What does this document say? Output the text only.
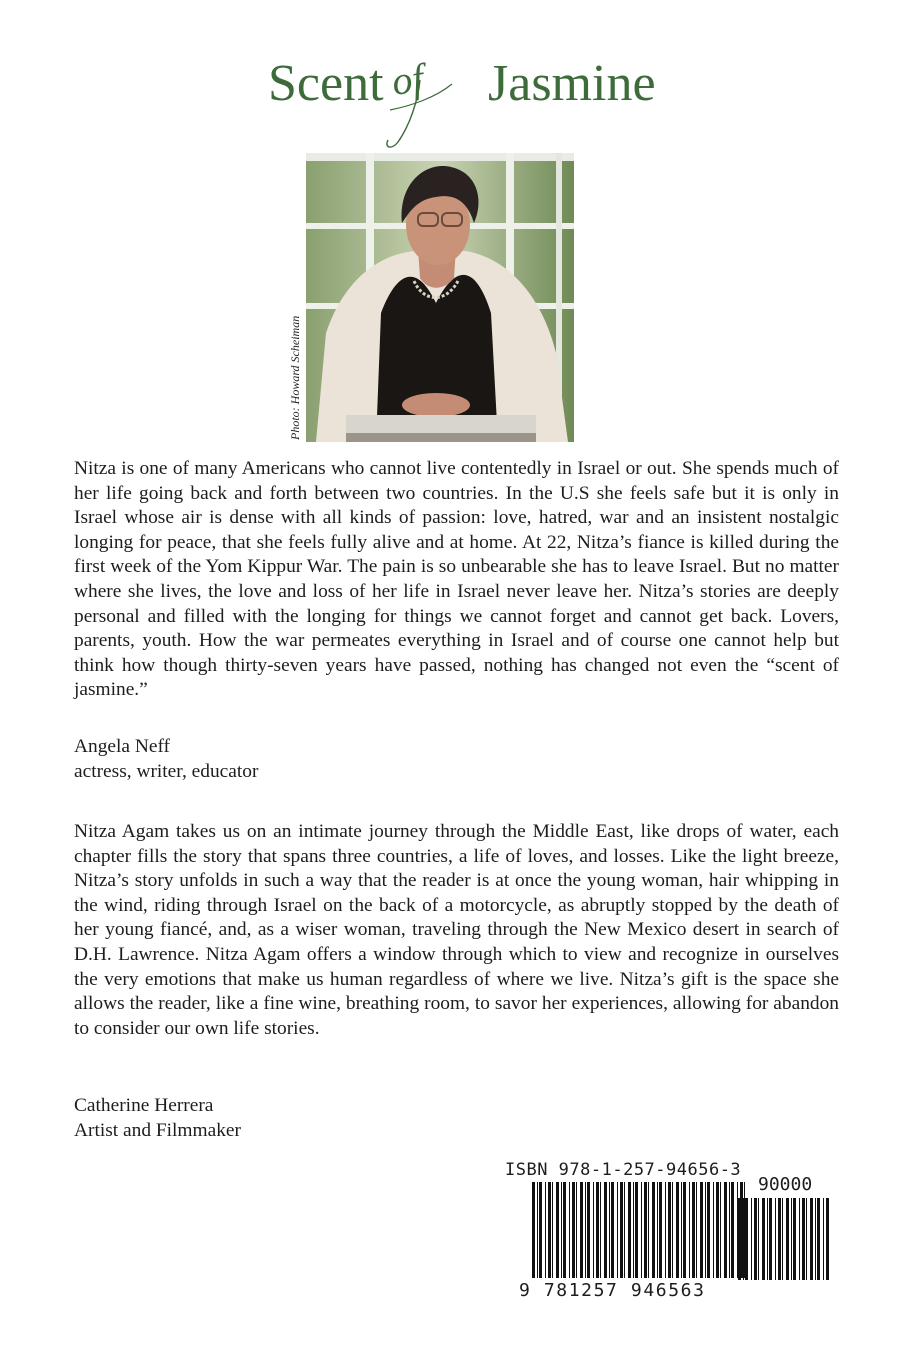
Scent of Jasmine
Photo: Howard Scheiman

Nitza is one of many Americans who cannot live contentedly in Israel or out. She spends much of her life going back and forth between two countries. In the U.S she feels safe but it is only in Israel whose air is dense with all kinds of passion: love, hatred, war and an insistent nostalgic longing for peace, that she feels fully alive and at home. At 22, Nitza’s fiance is killed during the first week of the Yom Kippur War. The pain is so unbearable she has to leave Israel. But no matter where she lives, the love and loss of her life in Israel never leave her. Nitza’s stories are deeply personal and filled with the longing for things we cannot forget and cannot get back. Lovers, parents, youth. How the war permeates everything in Israel and of course one cannot help but think how though thirty-seven years have passed, nothing has changed not even the “scent of jasmine.”

Angela Neff
actress, writer, educator

Nitza Agam takes us on an intimate journey through the Middle East, like drops of water, each chapter fills the story that spans three countries, a life of loves, and losses. Like the light breeze, Nitza’s story unfolds in such a way that the reader is at once the young woman, hair whipping in the wind, riding through Israel on the back of a motorcycle, as abruptly stopped by the death of her young fiancé, and, as a wiser woman, traveling through the New Mexico desert in search of D.H. Lawrence. Nitza Agam offers a window through which to view and recognize in ourselves the very emotions that make us human regardless of where we live. Nitza’s gift is the space she allows the reader, like a fine wine, breathing room, to savor her experiences, allowing for abandon to consider our own life stories.

Catherine Herrera
Artist and Filmmaker
ISBN 978-1-257-94656-3
90000
9 781257 946563
